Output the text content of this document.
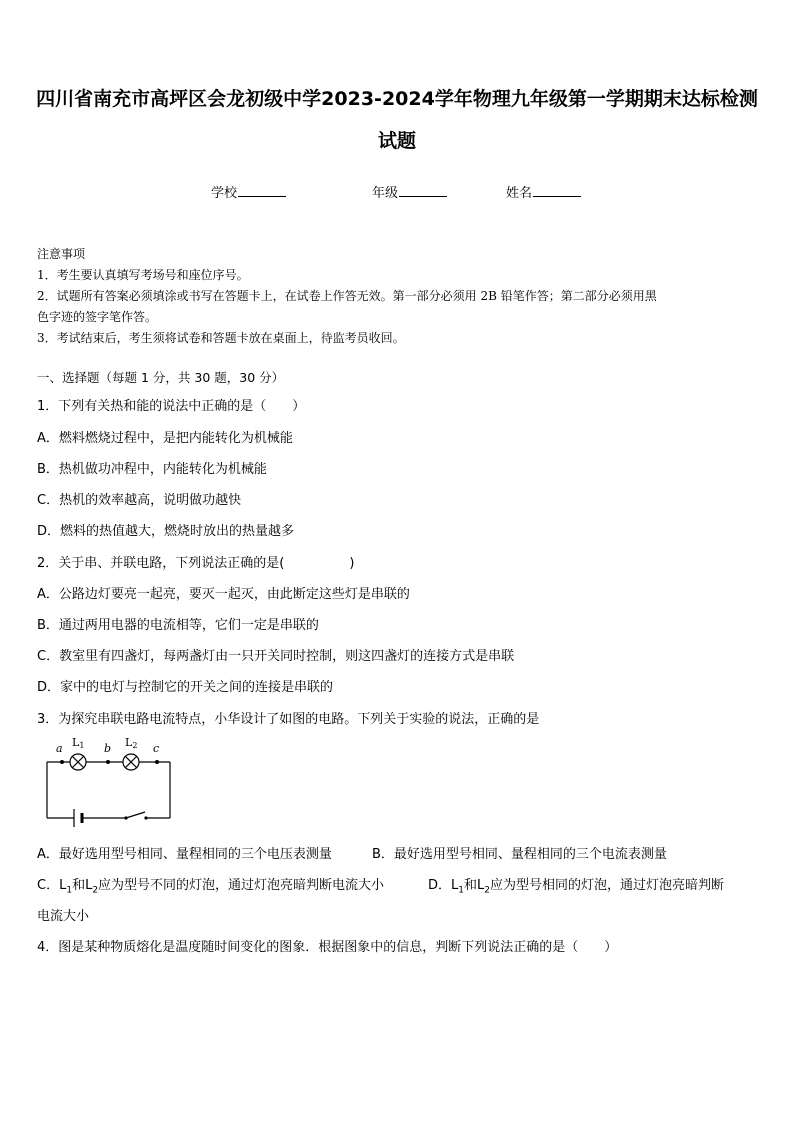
四川省南充市高坪区会龙初级中学2023-2024学年物理九年级第一学期期末达标检测
试题
学校	年级	姓名
注意事项
1．考生要认真填写考场号和座位序号。
2．试题所有答案必须填涂或书写在答题卡上，在试卷上作答无效。第一部分必须用 2B 铅笔作答；第二部分必须用黑
色字迹的签字笔作答。
3．考试结束后，考生须将试卷和答题卡放在桌面上，待监考员收回。
一、选择题（每题 1 分，共 30 题，30 分）
1．下列有关热和能的说法中正确的是（　　）
A．燃料燃烧过程中，是把内能转化为机械能
B．热机做功冲程中，内能转化为机械能
C．热机的效率越高，说明做功越快
D．燃料的热值越大，燃烧时放出的热量越多
2．关于串、并联电路，下列说法正确的是(　　　　　)
A．公路边灯要亮一起亮，要灭一起灭，由此断定这些灯是串联的
B．通过两用电器的电流相等，它们一定是串联的
C．教室里有四盏灯，每两盏灯由一只开关同时控制，则这四盏灯的连接方式是串联
D．家中的电灯与控制它的开关之间的连接是串联的
3．为探究串联电路电流特点，小华设计了如图的电路。下列关于实验的说法，正确的是
a	b	c
L1	L2
A．最好选用型号相同、量程相同的三个电压表测量	B．最好选用型号相同、量程相同的三个电流表测量
C．$L_1$和$L_2$应为型号不同的灯泡，通过灯泡亮暗判断电流大小	D．$L_1$和$L_2$应为型号相同的灯泡，通过灯泡亮暗判断
电流大小
4．图是某种物质熔化是温度随时间变化的图象．根据图象中的信息，判断下列说法正确的是（　　）
